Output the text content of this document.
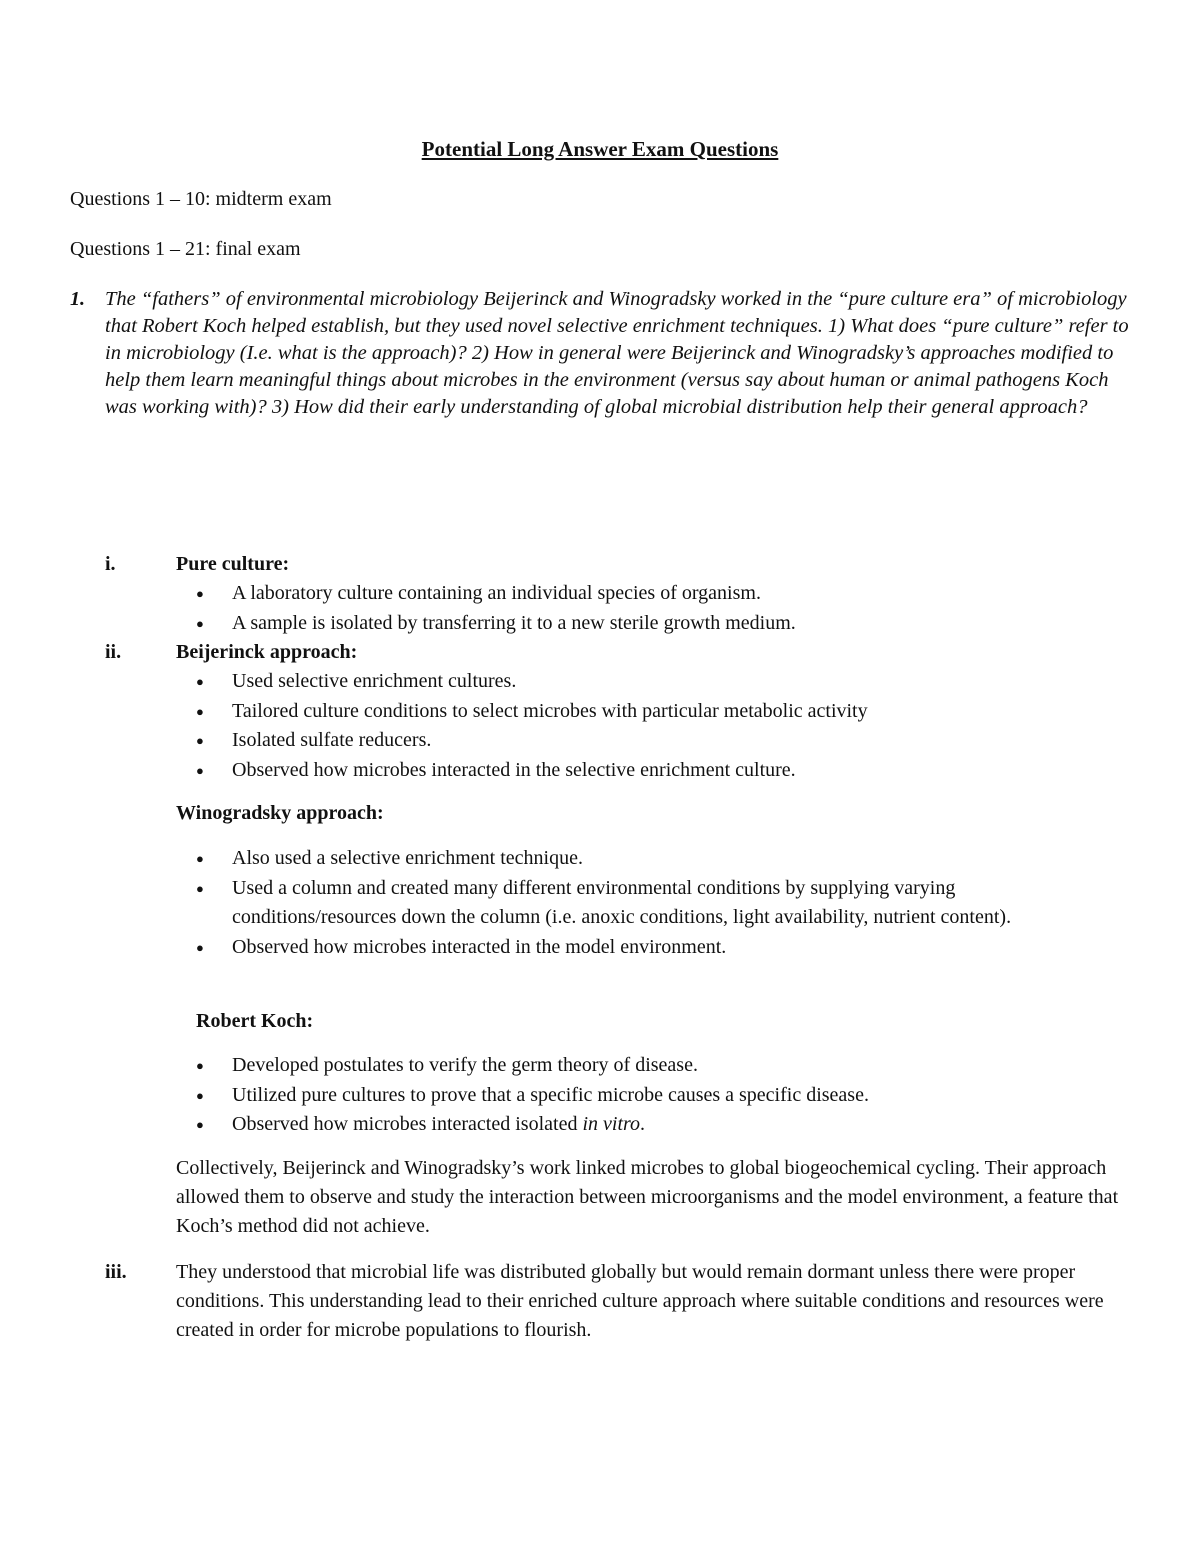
Potential Long Answer Exam Questions
Questions 1 – 10: midterm exam
Questions 1 – 21: final exam
1. The “fathers” of environmental microbiology Beijerinck and Winogradsky worked in the “pure culture era” of microbiology that Robert Koch helped establish, but they used novel selective enrichment techniques. 1) What does “pure culture” refer to in microbiology (I.e. what is the approach)? 2) How in general were Beijerinck and Winogradsky’s approaches modified to help them learn meaningful things about microbes in the environment (versus say about human or animal pathogens Koch was working with)? 3) How did their early understanding of global microbial distribution help their general approach?
i.	Pure culture:
● A laboratory culture containing an individual species of organism.
● A sample is isolated by transferring it to a new sterile growth medium.
ii.	Beijerinck approach:
● Used selective enrichment cultures.
● Tailored culture conditions to select microbes with particular metabolic activity
● Isolated sulfate reducers.
● Observed how microbes interacted in the selective enrichment culture.
Winogradsky approach:
● Also used a selective enrichment technique.
● Used a column and created many different environmental conditions by supplying varying conditions/resources down the column (i.e. anoxic conditions, light availability, nutrient content).
● Observed how microbes interacted in the model environment.
Robert Koch:
● Developed postulates to verify the germ theory of disease.
● Utilized pure cultures to prove that a specific microbe causes a specific disease.
● Observed how microbes interacted isolated in vitro.
Collectively, Beijerinck and Winogradsky’s work linked microbes to global biogeochemical cycling. Their approach allowed them to observe and study the interaction between microorganisms and the model environment, a feature that Koch’s method did not achieve.
iii. They understood that microbial life was distributed globally but would remain dormant unless there were proper conditions. This understanding lead to their enriched culture approach where suitable conditions and resources were created in order for microbe populations to flourish.
